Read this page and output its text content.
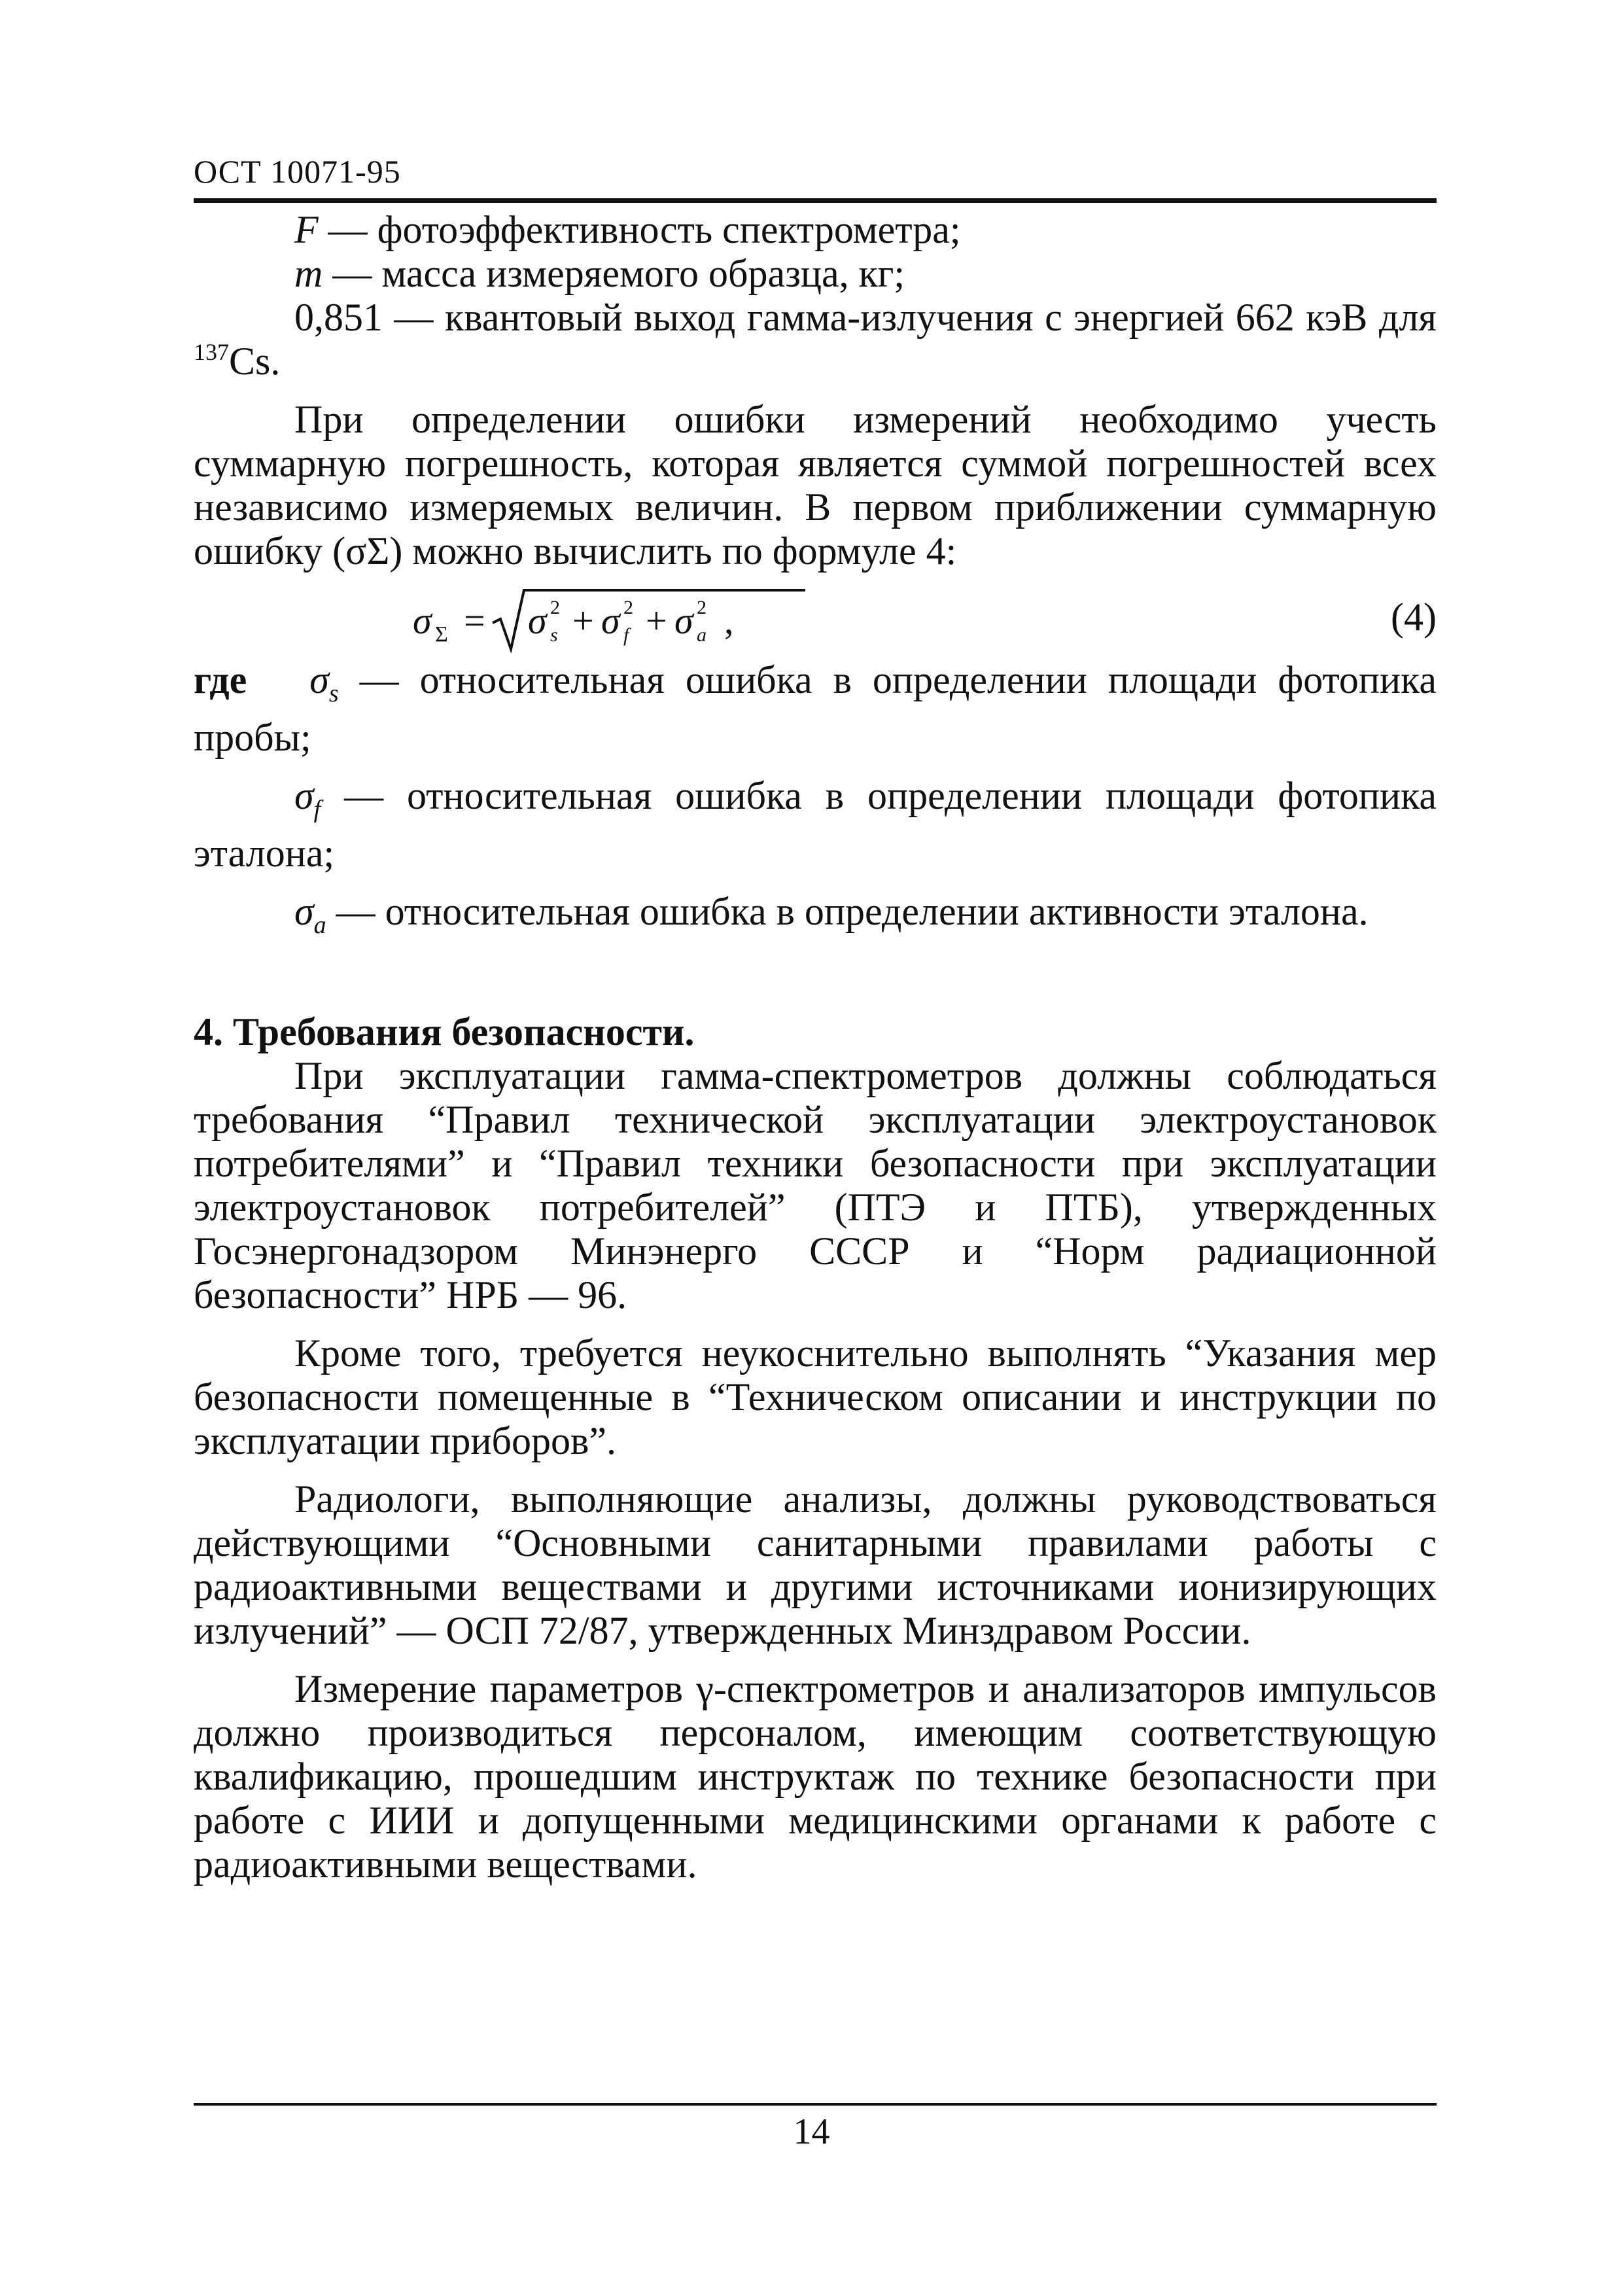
ОСТ 10071-95

F — фотоэффективность спектрометра;

m — масса измеряемого образца, кг;

0,851 — квантовый выход гамма-излучения с энергией 662 кэВ для $^{137}$Cs.

При определении ошибки измерений необходимо учесть суммарную погрешность, которая является суммой погрешностей всех независимо измеряемых величин. В первом приближении суммарную ошибку (σΣ) можно вычислить по формуле 4:

σ Σ = σ 2
s + σ 2
f + σ 2
a ,	(4)

где $\sigma_s$ — относительная ошибка в определении площади фотопика пробы;

$\sigma_f$ — относительная ошибка в определении площади фотопика эталона;

$\sigma_a$ — относительная ошибка в определении активности эталона.

4. Требования безопасности.

При эксплуатации гамма-спектрометров должны соблюдаться требования “Правил технической эксплуатации электроустановок потребителями” и “Правил техники безопасности при эксплуатации электроустановок потребителей” (ПТЭ и ПТБ), утвержденных Госэнергонадзором Минэнерго СССР и “Норм радиационной безопасности” НРБ — 96.

Кроме того, требуется неукоснительно выполнять “Указания мер безопасности помещенные в “Техническом описании и инструкции по эксплуатации приборов”.

Радиологи, выполняющие анализы, должны руководствоваться действующими “Основными санитарными правилами работы с радиоактивными веществами и другими источниками ионизирующих излучений” — ОСП 72/87, утвержденных Минздравом России.

Измерение параметров γ-спектрометров и анализаторов импульсов должно производиться персоналом, имеющим соответствующую квалификацию, прошедшим инструктаж по технике безопасности при работе с ИИИ и допущенными медицинскими органами к работе с радиоактивными веществами.

14
